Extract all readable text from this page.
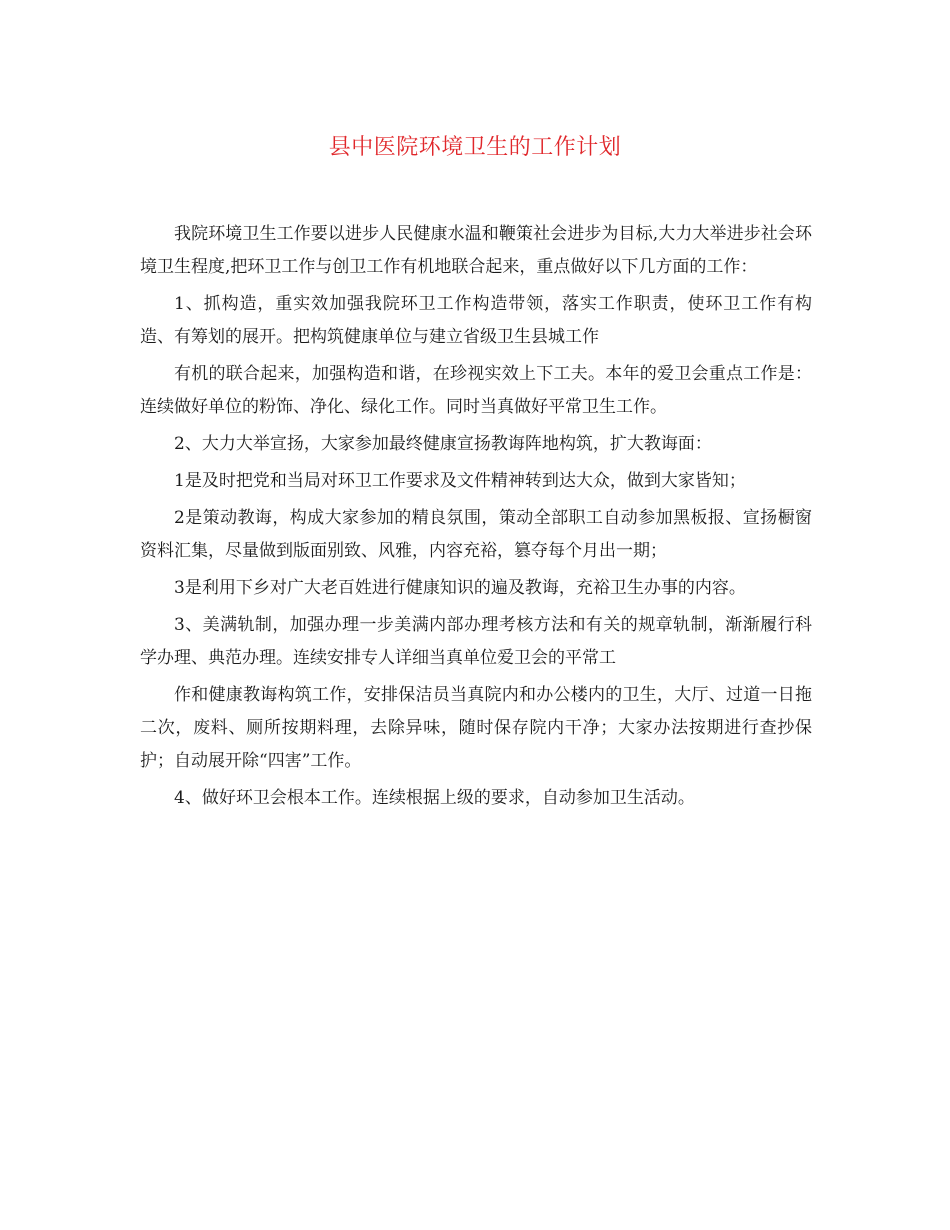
县中医院环境卫生的工作计划

我院环境卫生工作要以进步人民健康水温和鞭策社会进步为目标,大力大举进步社会环境卫生程度,把环卫工作与创卫工作有机地联合起来，重点做好以下几方面的工作：

1、抓构造，重实效加强我院环卫工作构造带领，落实工作职责，使环卫工作有构造、有筹划的展开。把构筑健康单位与建立省级卫生县城工作

有机的联合起来，加强构造和谐，在珍视实效上下工夫。本年的爱卫会重点工作是：连续做好单位的粉饰、净化、绿化工作。同时当真做好平常卫生工作。

2、大力大举宣扬，大家参加最终健康宣扬教诲阵地构筑，扩大教诲面：

1是及时把党和当局对环卫工作要求及文件精神转到达大众，做到大家皆知；

2是策动教诲，构成大家参加的精良氛围，策动全部职工自动参加黑板报、宣扬橱窗资料汇集，尽量做到版面别致、风雅，内容充裕，篡夺每个月出一期；

3是利用下乡对广大老百姓进行健康知识的遍及教诲，充裕卫生办事的内容。

3、美满轨制，加强办理一步美满内部办理考核方法和有关的规章轨制，渐渐履行科学办理、典范办理。连续安排专人详细当真单位爱卫会的平常工

作和健康教诲构筑工作，安排保洁员当真院内和办公楼内的卫生，大厅、过道一日拖二次，废料、厕所按期料理，去除异味，随时保存院内干净；大家办法按期进行查抄保护；自动展开除“四害”工作。

4、做好环卫会根本工作。连续根据上级的要求，自动参加卫生活动。
